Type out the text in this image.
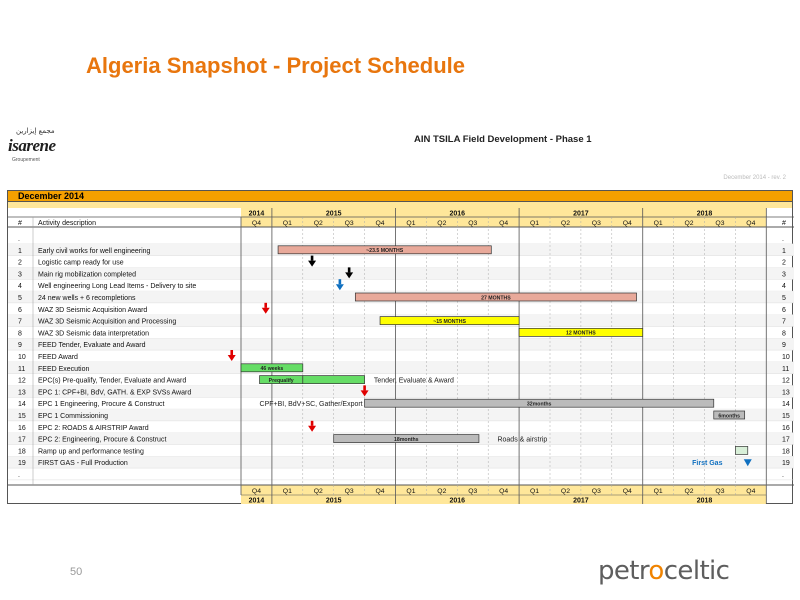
Algeria Snapshot - Project Schedule
مجمع إيزارين
isarene
Groupement
AIN TSILA Field Development - Phase 1
December 2014 - rev. 2
December 2014
# Activity description	#
2014	2015	2016	2017	2018
Q4	Q1	Q2	Q3	Q4	Q1	Q2	Q3	Q4	Q1	Q2	Q3	Q4	Q1	Q2	Q3	Q4
2014	2015	2016	2017	2018
Q4	Q1	Q2	Q3	Q4	Q1	Q2	Q3	Q4	Q1	Q2	Q3	Q4	Q1	Q2	Q3	Q4
.	.
1 Early civil works for well engineering	1
2 Logistic camp ready for use	2
3 Main rig mobilization completed	3
4 Well engineering Long Lead Items - Delivery to site	4
5 24 new wells + 6 recompletions	5
6 WAZ 3D Seismic Acquisition Award	6
7 WAZ 3D Seismic Acquisition and Processing	7
8 WAZ 3D Seismic data interpretation	8
9 FEED Tender, Evaluate and Award	9
10 FEED Award	10
11 FEED Execution	11
12 EPC(s) Pre-qualify, Tender, Evaluate and Award	12
13 EPC 1: CPF+BI, BdV, GATH. & EXP SVSs Award	13
14 EPC 1 Engineering, Procure & Construct	14
15 EPC 1 Commissioning	15
16 EPC 2: ROADS & AIRSTRIP Award	16
17 EPC 2: Engineering, Procure & Construct	17
18 Ramp up and performance testing	18
19 FIRST GAS - Full Production	19
.	.
~23.5 MONTHS
27 MONTHS
~15 MONTHS
12 MONTHS
46 weeks
Prequalify
32months
6months
18months
Tender, Evaluate & Award
CPF+BI, BdV+SC, Gather/Export
Roads & airstrip
First Gas
50	petroceltic
